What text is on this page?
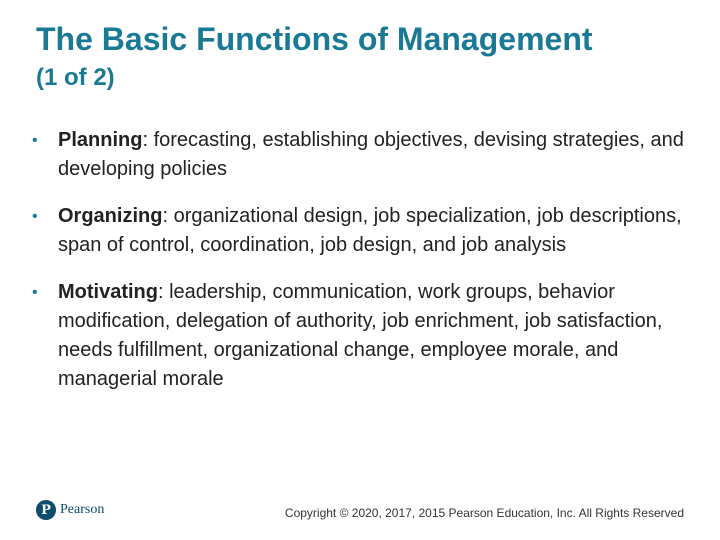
The Basic Functions of Management
(1 of 2)
• Planning: forecasting, establishing objectives, devising strategies, and developing policies
• Organizing: organizational design, job specialization, job descriptions, span of control, coordination, job design, and job analysis
• Motivating: leadership, communication, work groups, behavior modification, delegation of authority, job enrichment, job satisfaction, needs fulfillment, organizational change, employee morale, and managerial morale
P Pearson	Copyright © 2020, 2017, 2015 Pearson Education, Inc. All Rights Reserved
